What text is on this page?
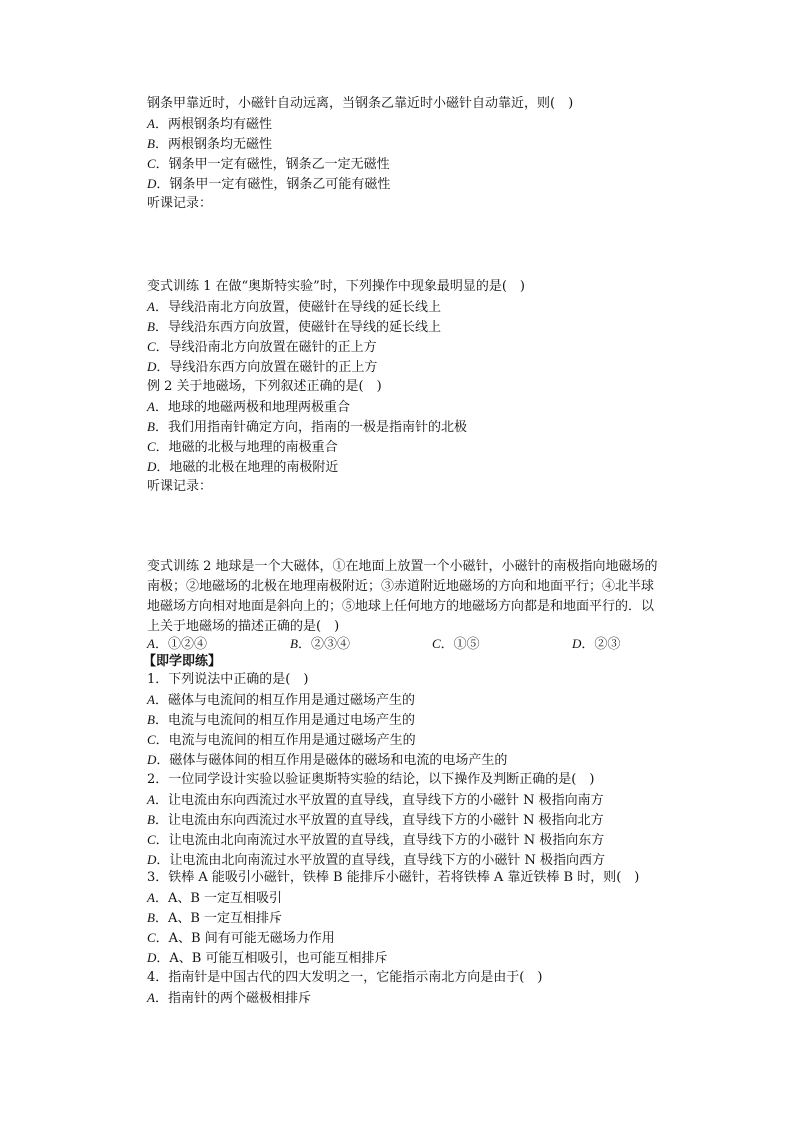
钢条甲靠近时，小磁针自动远离，当钢条乙靠近时小磁针自动靠近，则(　)
A．两根钢条均有磁性
B．两根钢条均无磁性
C．钢条甲一定有磁性，钢条乙一定无磁性
D．钢条甲一定有磁性，钢条乙可能有磁性
听课记录：
变式训练 1 在做“奥斯特实验”时，下列操作中现象最明显的是(　)
A．导线沿南北方向放置，使磁针在导线的延长线上
B．导线沿东西方向放置，使磁针在导线的延长线上
C．导线沿南北方向放置在磁针的正上方
D．导线沿东西方向放置在磁针的正上方
例 2 关于地磁场，下列叙述正确的是(　)
A．地球的地磁两极和地理两极重合
B．我们用指南针确定方向，指南的一极是指南针的北极
C．地磁的北极与地理的南极重合
D．地磁的北极在地理的南极附近
听课记录：
变式训练 2 地球是一个大磁体，①在地面上放置一个小磁针，小磁针的南极指向地磁场的南极；②地磁场的北极在地理南极附近；③赤道附近地磁场的方向和地面平行；④北半球地磁场方向相对地面是斜向上的；⑤地球上任何地方的地磁场方向都是和地面平行的．以上关于地磁场的描述正确的是(　)
A．①②④	B．②③④	C．①⑤	D．②③
【即学即练】
1．下列说法中正确的是(　)
A．磁体与电流间的相互作用是通过磁场产生的
B．电流与电流间的相互作用是通过电场产生的
C．电流与电流间的相互作用是通过磁场产生的
D．磁体与磁体间的相互作用是磁体的磁场和电流的电场产生的
2．一位同学设计实验以验证奥斯特实验的结论，以下操作及判断正确的是(　)
A．让电流由东向西流过水平放置的直导线，直导线下方的小磁针 N 极指向南方
B．让电流由东向西流过水平放置的直导线，直导线下方的小磁针 N 极指向北方
C．让电流由北向南流过水平放置的直导线，直导线下方的小磁针 N 极指向东方
D．让电流由北向南流过水平放置的直导线，直导线下方的小磁针 N 极指向西方
3．铁棒 A 能吸引小磁针，铁棒 B 能排斥小磁针，若将铁棒 A 靠近铁棒 B 时，则(　)
A．A、B 一定互相吸引
B．A、B 一定互相排斥
C．A、B 间有可能无磁场力作用
D．A、B 可能互相吸引，也可能互相排斥
4．指南针是中国古代的四大发明之一，它能指示南北方向是由于(　)
A．指南针的两个磁极相排斥
